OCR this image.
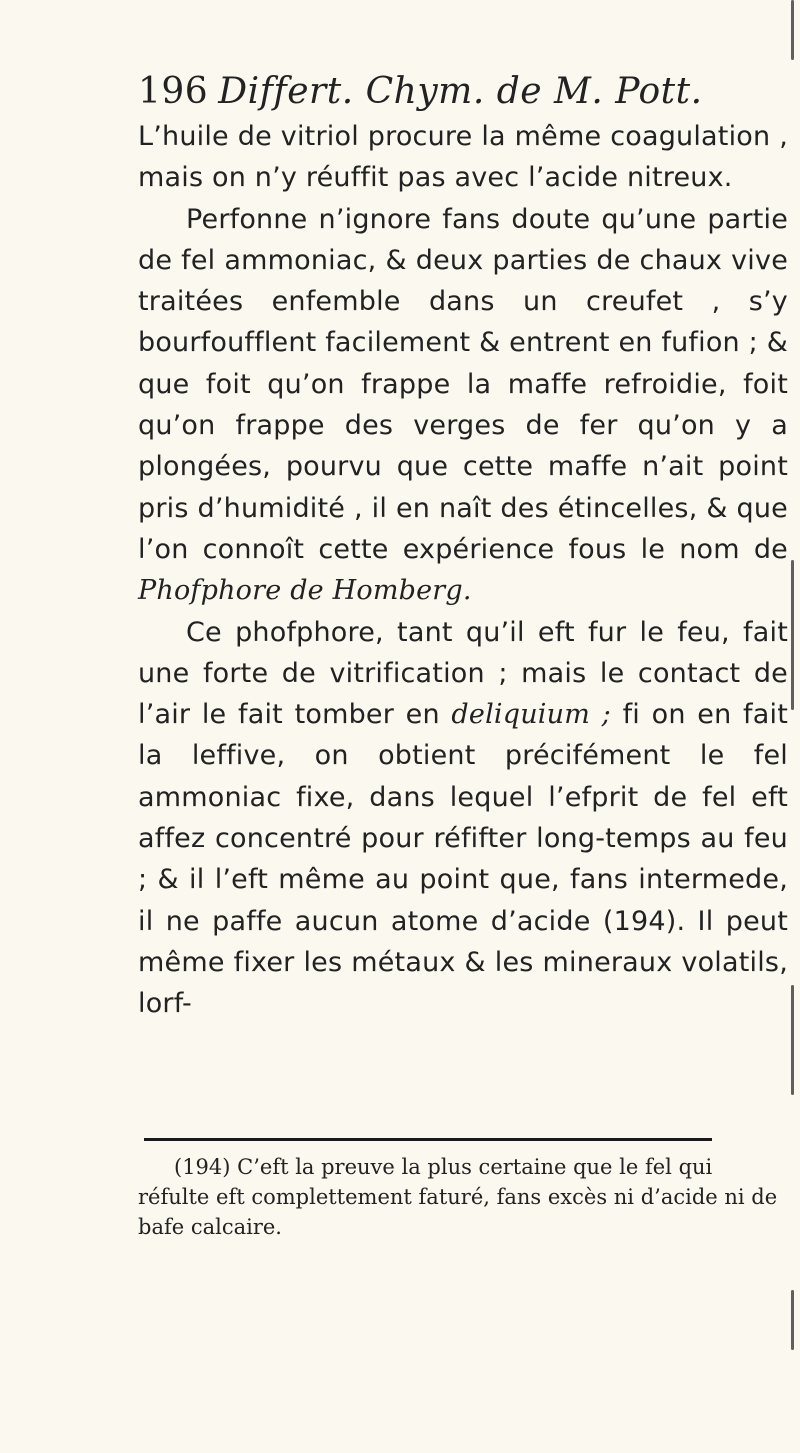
196 Differt. Chym. de M. Pott.

L’huile de vitriol procure la même coagulation , mais on n’y réuffit pas avec l’acide nitreux.

Perfonne n’ignore fans doute qu’une partie de fel ammoniac, & deux parties de chaux vive traitées enfemble dans un creufet , s’y bourfoufflent facilement & entrent en fufion ; & que foit qu’on frappe la maffe refroidie, foit qu’on frappe des verges de fer qu’on y a plongées, pourvu que cette maffe n’ait point pris d’humidité , il en naît des étincelles, & que l’on connoît cette expérience fous le nom de Phofphore de Homberg.

Ce phofphore, tant qu’il eft fur le feu, fait une forte de vitrification ; mais le contact de l’air le fait tomber en deliquium ; fi on en fait la leffive, on obtient précifément le fel ammoniac fixe, dans lequel l’efprit de fel eft affez concentré pour réfifter long-temps au feu ; & il l’eft même au point que, fans intermede, il ne paffe aucun atome d’acide (194). Il peut même fixer les métaux & les mineraux volatils, lorf-

(194) C’eft la preuve la plus certaine que le fel qui réfulte eft complettement faturé, fans excès ni d’acide ni de bafe calcaire.
